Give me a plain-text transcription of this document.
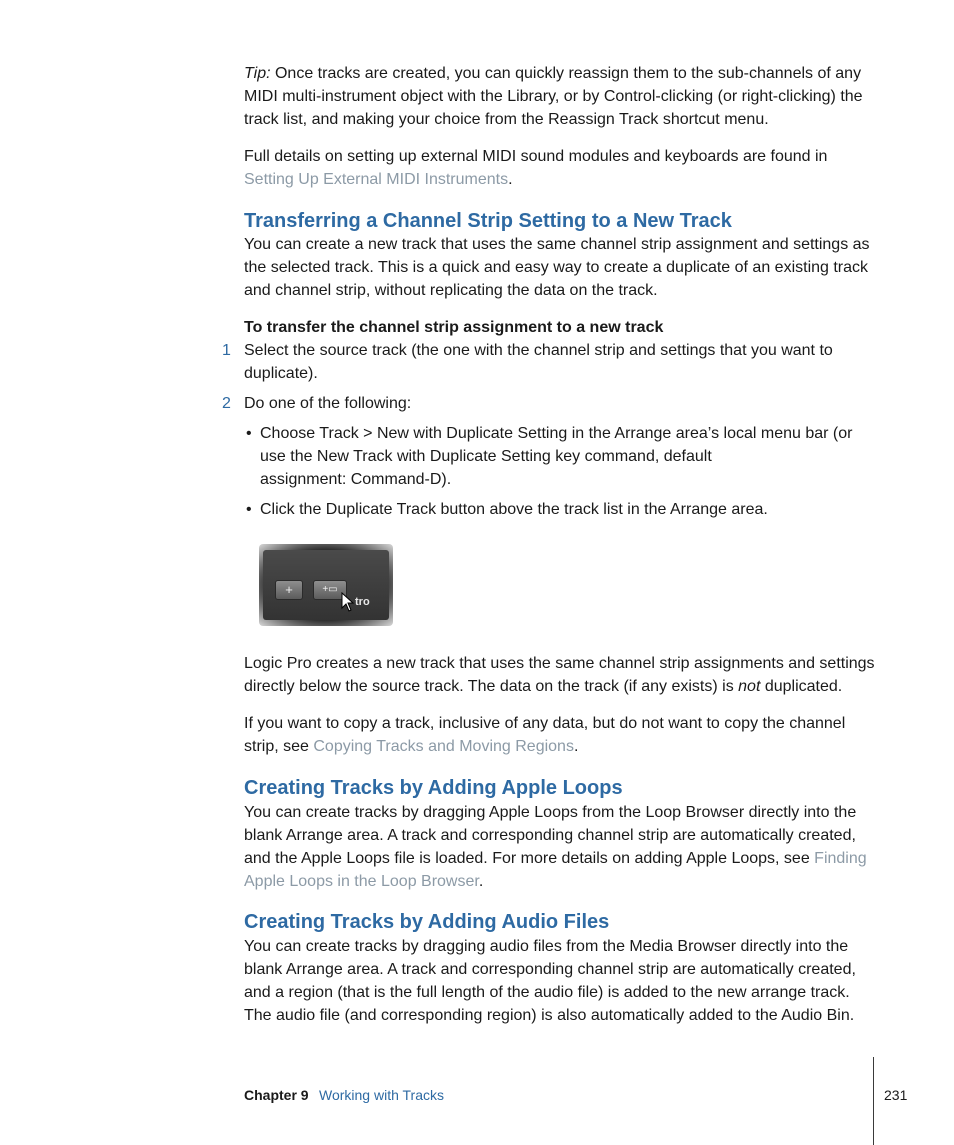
Tip: Once tracks are created, you can quickly reassign them to the sub-channels of any MIDI multi-instrument object with the Library, or by Control-clicking (or right-clicking) the track list, and making your choice from the Reassign Track shortcut menu.

Full details on setting up external MIDI sound modules and keyboards are found in Setting Up External MIDI Instruments.

Transferring a Channel Strip Setting to a New Track

You can create a new track that uses the same channel strip assignment and settings as the selected track. This is a quick and easy way to create a duplicate of an existing track and channel strip, without replicating the data on the track.

To transfer the channel strip assignment to a new track

1 Select the source track (the one with the channel strip and settings that you want to duplicate).

2 Do one of the following:

• Choose Track > New with Duplicate Setting in the Arrange area’s local menu bar (or use the New Track with Duplicate Setting key command, default

assignment: Command-D).

• Click the Duplicate Track button above the track list in the Arrange area.

+	+▭
tro

Logic Pro creates a new track that uses the same channel strip assignments and settings directly below the source track. The data on the track (if any exists) is not duplicated.

If you want to copy a track, inclusive of any data, but do not want to copy the channel strip, see Copying Tracks and Moving Regions.

Creating Tracks by Adding Apple Loops

You can create tracks by dragging Apple Loops from the Loop Browser directly into the blank Arrange area. A track and corresponding channel strip are automatically created, and the Apple Loops file is loaded. For more details on adding Apple Loops, see Finding Apple Loops in the Loop Browser.

Creating Tracks by Adding Audio Files

You can create tracks by dragging audio files from the Media Browser directly into the blank Arrange area. A track and corresponding channel strip are automatically created, and a region (that is the full length of the audio file) is added to the new arrange track. The audio file (and corresponding region) is also automatically added to the Audio Bin.

Chapter 9 Working with Tracks	231
